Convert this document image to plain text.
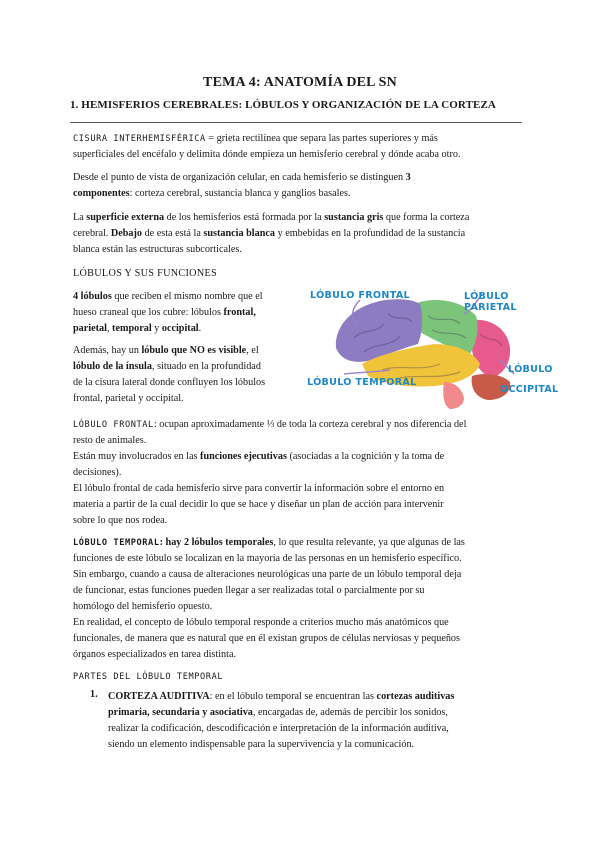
TEMA 4: ANATOMÍA DEL SN
1. HEMISFERIOS CEREBRALES: LÓBULOS Y ORGANIZACIÓN DE LA CORTEZA
CISURA INTERHEMISFÉRICA = grieta rectilínea que separa las partes superiores y más
superficiales del encéfalo y delimita dónde empieza un hemisferio cerebral y dónde acaba otro.
Desde el punto de vista de organización celular, en cada hemisferio se distinguen 3
componentes: corteza cerebral, sustancia blanca y ganglios basales.
La superficie externa de los hemisferios está formada por la sustancia gris que forma la corteza
cerebral. Debajo de esta está la sustancia blanca y embebidas en la profundidad de la sustancia
blanca están las estructuras subcorticales.
LÓBULOS Y SUS FUNCIONES
4 lóbulos que reciben el mismo nombre que el
hueso craneal que los cubre: lóbulos frontal,
parietal, temporal y occipital.
Además, hay un lóbulo que NO es visible, el
lóbulo de la ínsula, situado en la profundidad
de la cisura lateral donde confluyen los lóbulos
frontal, parietal y occipital.
LÓBULO FRONTAL	LÓBULO PARIETAL
LÓBULO TEMPORAL
LÓBULO
OCCIPITAL
LÓBULO FRONTAL: ocupan aproximadamente ⅓ de toda la corteza cerebral y nos diferencia del
resto de animales.
Están muy involucrados en las funciones ejecutivas (asociadas a la cognición y la toma de
decisiones).
El lóbulo frontal de cada hemisferio sirve para convertir la información sobre el entorno en
materia a partir de la cual decidir lo que se hace y diseñar un plan de acción para intervenir
sobre lo que nos rodea.
LÓBULO TEMPORAL: hay 2 lóbulos temporales, lo que resulta relevante, ya que algunas de las
funciones de este lóbulo se localizan en la mayoría de las personas en un hemisferio específico.
Sin embargo, cuando a causa de alteraciones neurológicas una parte de un lóbulo temporal deja
de funcionar, estas funciones pueden llegar a ser realizadas total o parcialmente por su
homólogo del hemisferio opuesto.
En realidad, el concepto de lóbulo temporal responde a criterios mucho más anatómicos que
funcionales, de manera que es natural que en él existan grupos de células nerviosas y pequeños
órganos especializados en tarea distinta.
PARTES DEL LÓBULO TEMPORAL
1. CORTEZA AUDITIVA: en el lóbulo temporal se encuentran las cortezas auditivas
primaria, secundaria y asociativa, encargadas de, además de percibir los sonidos,
realizar la codificación, descodificación e interpretación de la información auditiva,
siendo un elemento indispensable para la supervivencia y la comunicación.
